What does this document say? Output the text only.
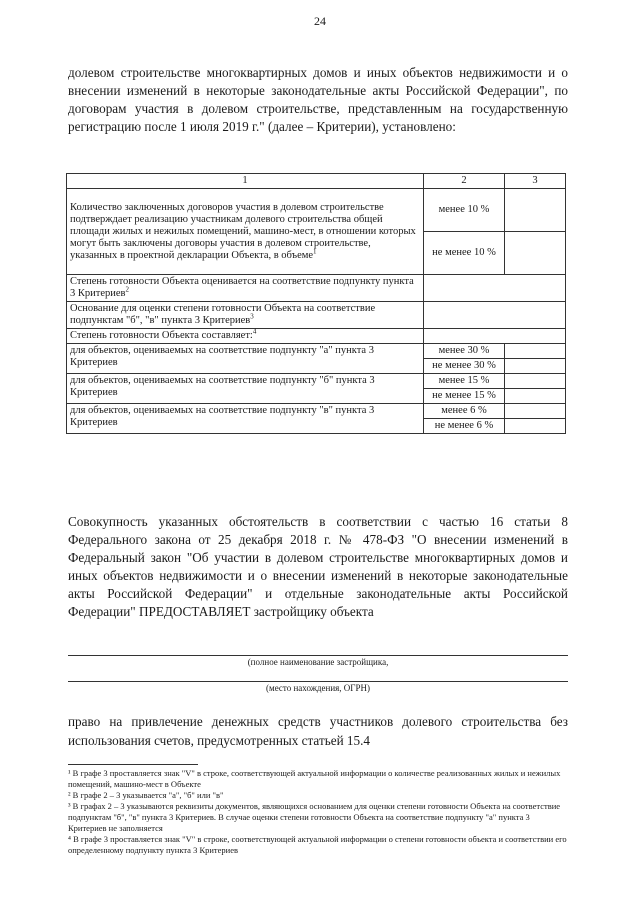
24

долевом строительстве многоквартирных домов и иных объектов недвижимости и о внесении изменений в некоторые законодательные акты Российской Федерации", по договорам участия в долевом строительстве, представленным на государственную регистрацию после 1 июля 2019 г." (далее – Критерии), установлено:

1	2	3
Количество заключенных договоров участия в долевом строительстве подтверждает реализацию участникам долевого строительства общей площади жилых и нежилых помещений, машино-мест, в отношении которых могут быть заключены договоры участия в долевом строительстве, указанных в проектной декларации Объекта, в объеме$^1$	менее 10 %	
	не менее 10 %	
Степень готовности Объекта оценивается на соответствие подпункту пункта 3 Критериев$^2$	
Основание для оценки степени готовности Объекта на соответствие подпунктам "б", "в" пункта 3 Критериев$^3$	
Степень готовности Объекта составляет:$^4$	
для объектов, оцениваемых на соответствие подпункту "а" пункта 3 Критериев	менее 30 %	
	не менее 30 %	
для объектов, оцениваемых на соответствие подпункту "б" пункта 3 Критериев	менее 15 %	
	не менее 15 %	
для объектов, оцениваемых на соответствие подпункту "в" пункта 3 Критериев	менее 6 %	
	не менее 6 %	

Совокупность указанных обстоятельств в соответствии с частью 16 статьи 8 Федерального закона от 25 декабря 2018 г. № 478-ФЗ "О внесении изменений в Федеральный закон "Об участии в долевом строительстве многоквартирных домов и иных объектов недвижимости и о внесении изменений в некоторые законодательные акты Российской Федерации" и отдельные законодательные акты Российской Федерации" ПРЕДОСТАВЛЯЕТ застройщику объекта

(полное наименование застройщика,
(место нахождения, ОГРН)

право на привлечение денежных средств участников долевого строительства без использования счетов, предусмотренных статьей 15.4

¹ В графе 3 проставляется знак "V" в строке, соответствующей актуальной информации о количестве реализованных жилых и нежилых помещений, машино-мест в Объекте

² В графе 2 – 3 указывается "а", "б" или "в"

³ В графах 2 – 3 указываются реквизиты документов, являющихся основанием для оценки степени готовности Объекта на соответствие подпунктам "б", "в" пункта 3 Критериев. В случае оценки степени готовности Объекта на соответствие подпункту "а" пункта 3 Критериев не заполняется

⁴ В графе 3 проставляется знак "V" в строке, соответствующей актуальной информации о степени готовности объекта и соответствии его определенному подпункту пункта 3 Критериев
